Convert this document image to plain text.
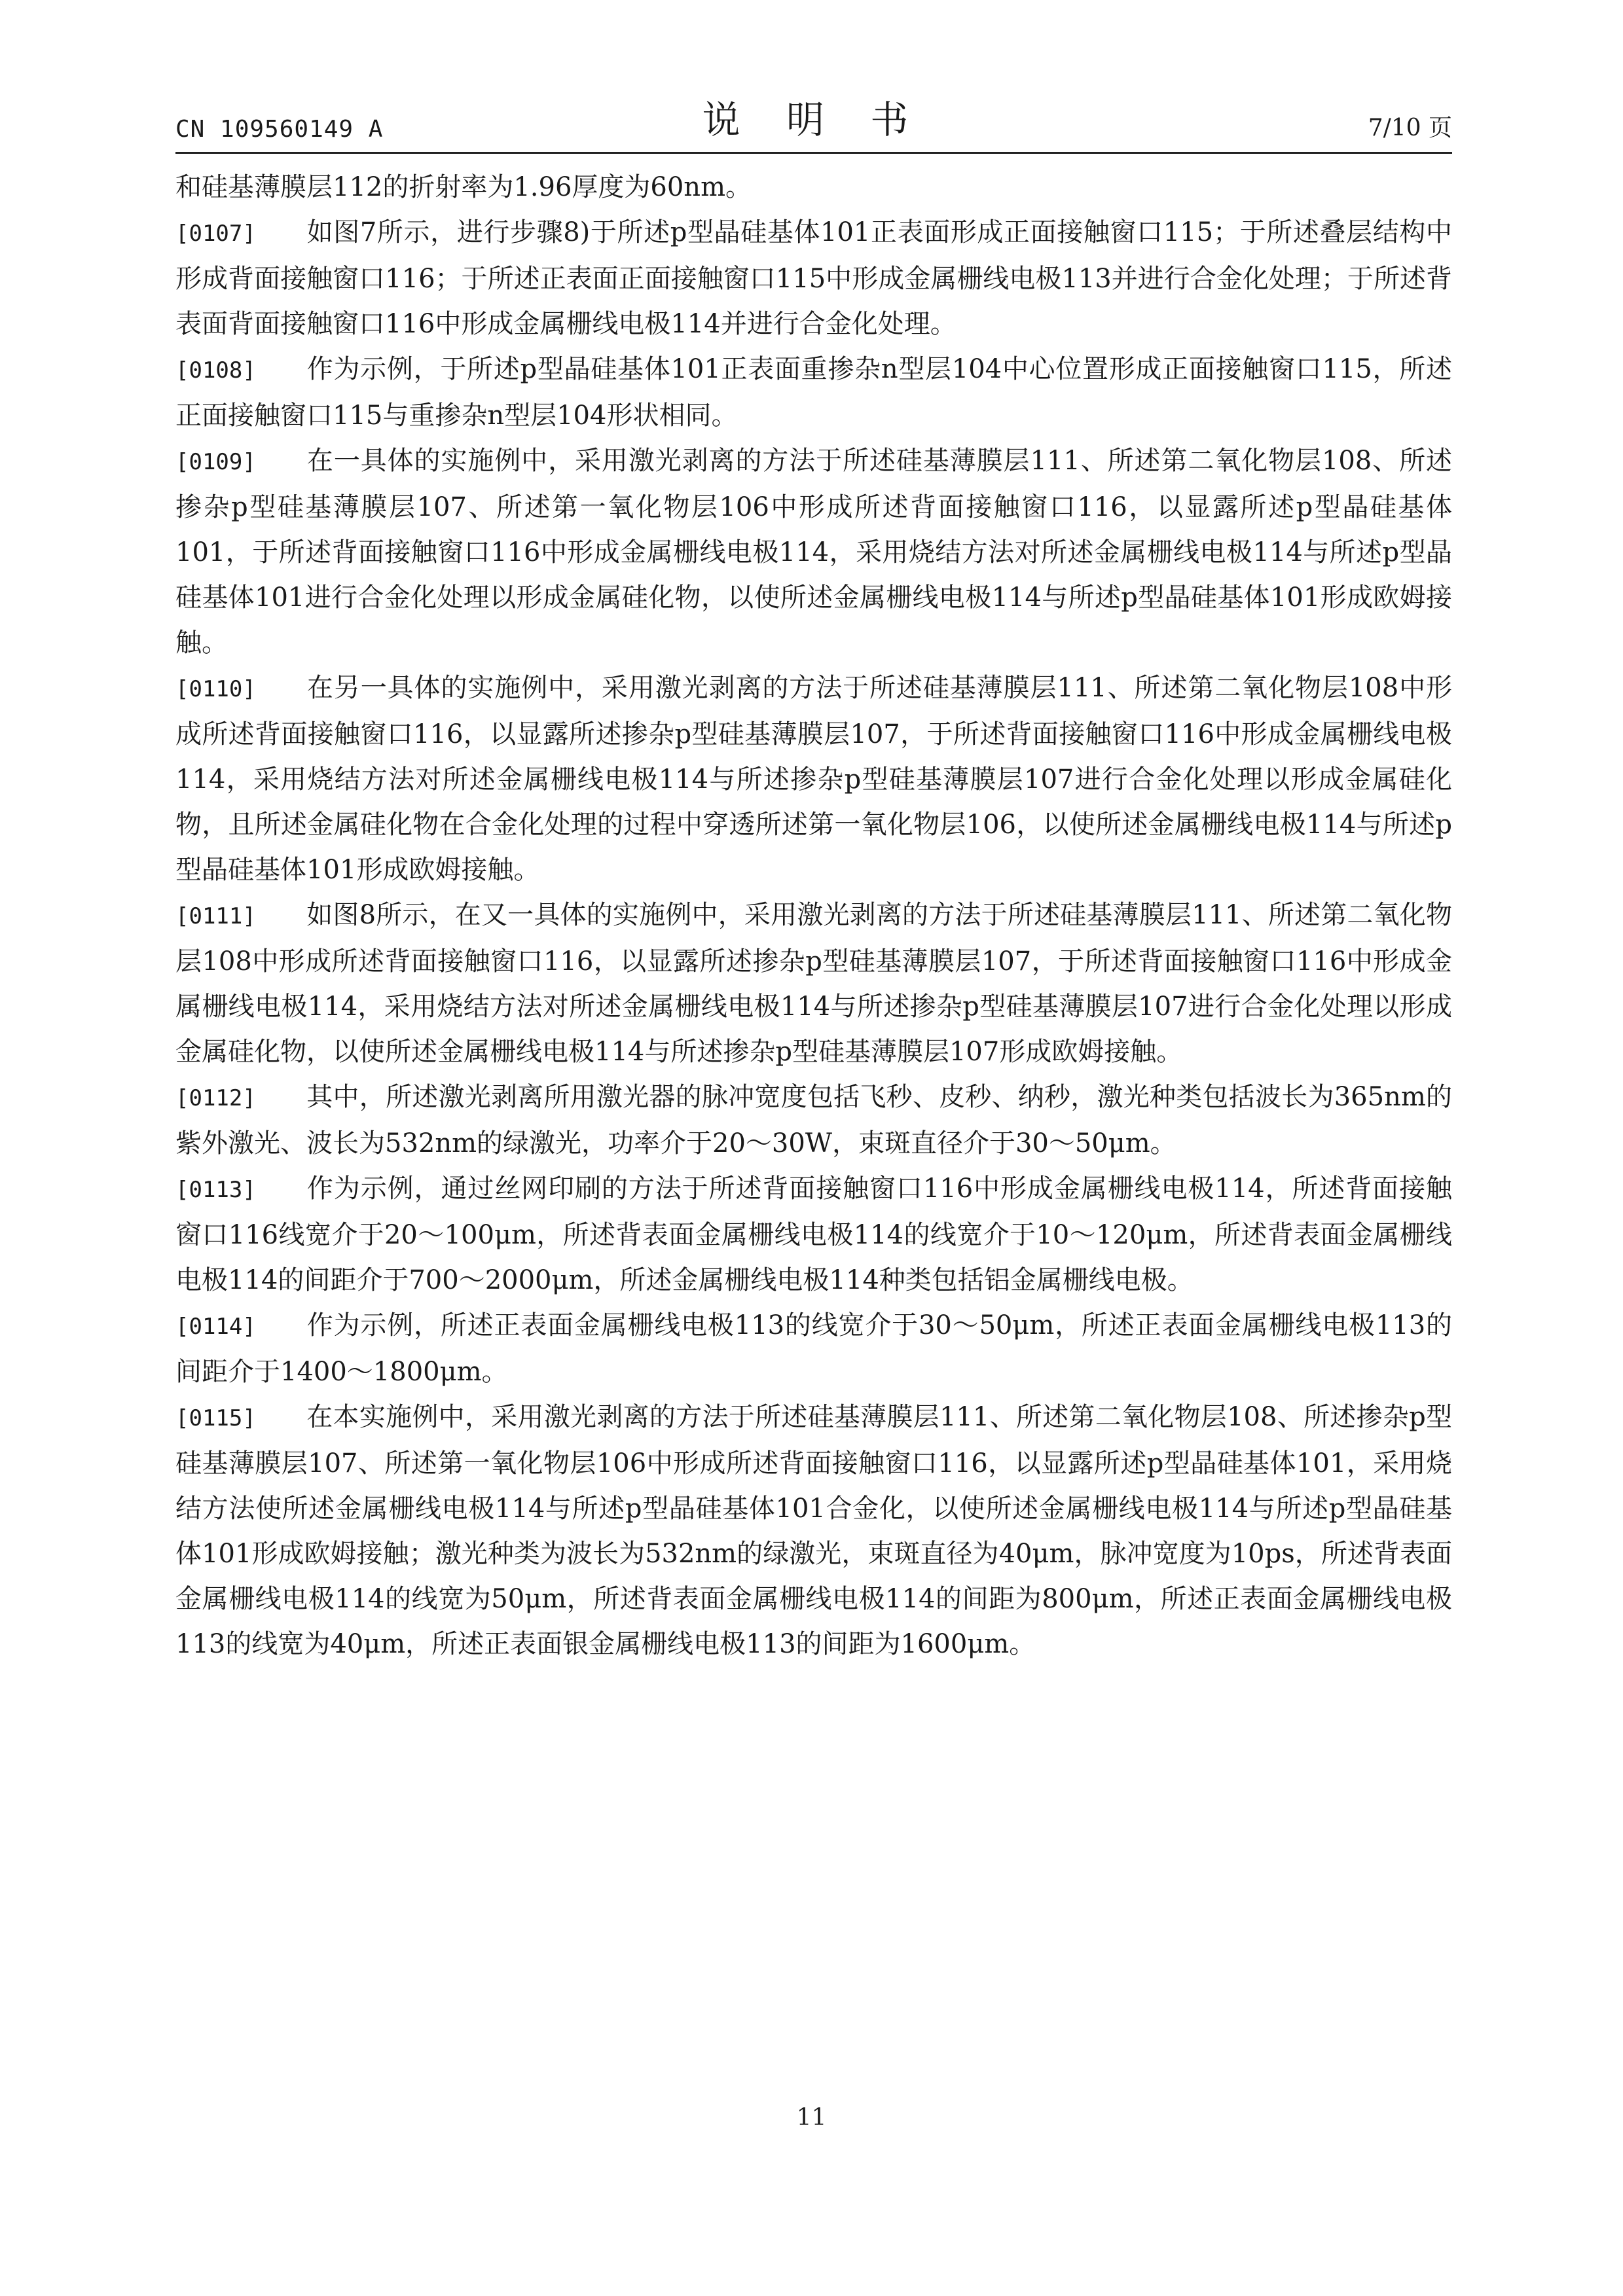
CN 109560149 A	说 明 书	7/10 页

和硅基薄膜层112的折射率为1.96厚度为60nm。

[0107] 如图7所示，进行步骤8)于所述p型晶硅基体101正表面形成正面接触窗口115；于所述叠层结构中形成背面接触窗口116；于所述正表面正面接触窗口115中形成金属栅线电极113并进行合金化处理；于所述背表面背面接触窗口116中形成金属栅线电极114并进行合金化处理。

[0108] 作为示例，于所述p型晶硅基体101正表面重掺杂n型层104中心位置形成正面接触窗口115，所述正面接触窗口115与重掺杂n型层104形状相同。

[0109] 在一具体的实施例中，采用激光剥离的方法于所述硅基薄膜层111、所述第二氧化物层108、所述掺杂p型硅基薄膜层107、所述第一氧化物层106中形成所述背面接触窗口116，以显露所述p型晶硅基体101，于所述背面接触窗口116中形成金属栅线电极114，采用烧结方法对所述金属栅线电极114与所述p型晶硅基体101进行合金化处理以形成金属硅化物，以使所述金属栅线电极114与所述p型晶硅基体101形成欧姆接触。

[0110] 在另一具体的实施例中，采用激光剥离的方法于所述硅基薄膜层111、所述第二氧化物层108中形成所述背面接触窗口116，以显露所述掺杂p型硅基薄膜层107，于所述背面接触窗口116中形成金属栅线电极114，采用烧结方法对所述金属栅线电极114与所述掺杂p型硅基薄膜层107进行合金化处理以形成金属硅化物，且所述金属硅化物在合金化处理的过程中穿透所述第一氧化物层106，以使所述金属栅线电极114与所述p型晶硅基体101形成欧姆接触。

[0111] 如图8所示，在又一具体的实施例中，采用激光剥离的方法于所述硅基薄膜层111、所述第二氧化物层108中形成所述背面接触窗口116，以显露所述掺杂p型硅基薄膜层107，于所述背面接触窗口116中形成金属栅线电极114，采用烧结方法对所述金属栅线电极114与所述掺杂p型硅基薄膜层107进行合金化处理以形成金属硅化物，以使所述金属栅线电极114与所述掺杂p型硅基薄膜层107形成欧姆接触。

[0112] 其中，所述激光剥离所用激光器的脉冲宽度包括飞秒、皮秒、纳秒，激光种类包括波长为365nm的紫外激光、波长为532nm的绿激光，功率介于20～30W，束斑直径介于30～50μm。

[0113] 作为示例，通过丝网印刷的方法于所述背面接触窗口116中形成金属栅线电极114，所述背面接触窗口116线宽介于20～100μm，所述背表面金属栅线电极114的线宽介于10～120μm，所述背表面金属栅线电极114的间距介于700～2000μm，所述金属栅线电极114种类包括铝金属栅线电极。

[0114] 作为示例，所述正表面金属栅线电极113的线宽介于30～50μm，所述正表面金属栅线电极113的间距介于1400～1800μm。

[0115] 在本实施例中，采用激光剥离的方法于所述硅基薄膜层111、所述第二氧化物层108、所述掺杂p型硅基薄膜层107、所述第一氧化物层106中形成所述背面接触窗口116，以显露所述p型晶硅基体101，采用烧结方法使所述金属栅线电极114与所述p型晶硅基体101合金化，以使所述金属栅线电极114与所述p型晶硅基体101形成欧姆接触；激光种类为波长为532nm的绿激光，束斑直径为40μm，脉冲宽度为10ps，所述背表面金属栅线电极114的线宽为50μm，所述背表面金属栅线电极114的间距为800μm，所述正表面金属栅线电极113的线宽为40μm，所述正表面银金属栅线电极113的间距为1600μm。

11
